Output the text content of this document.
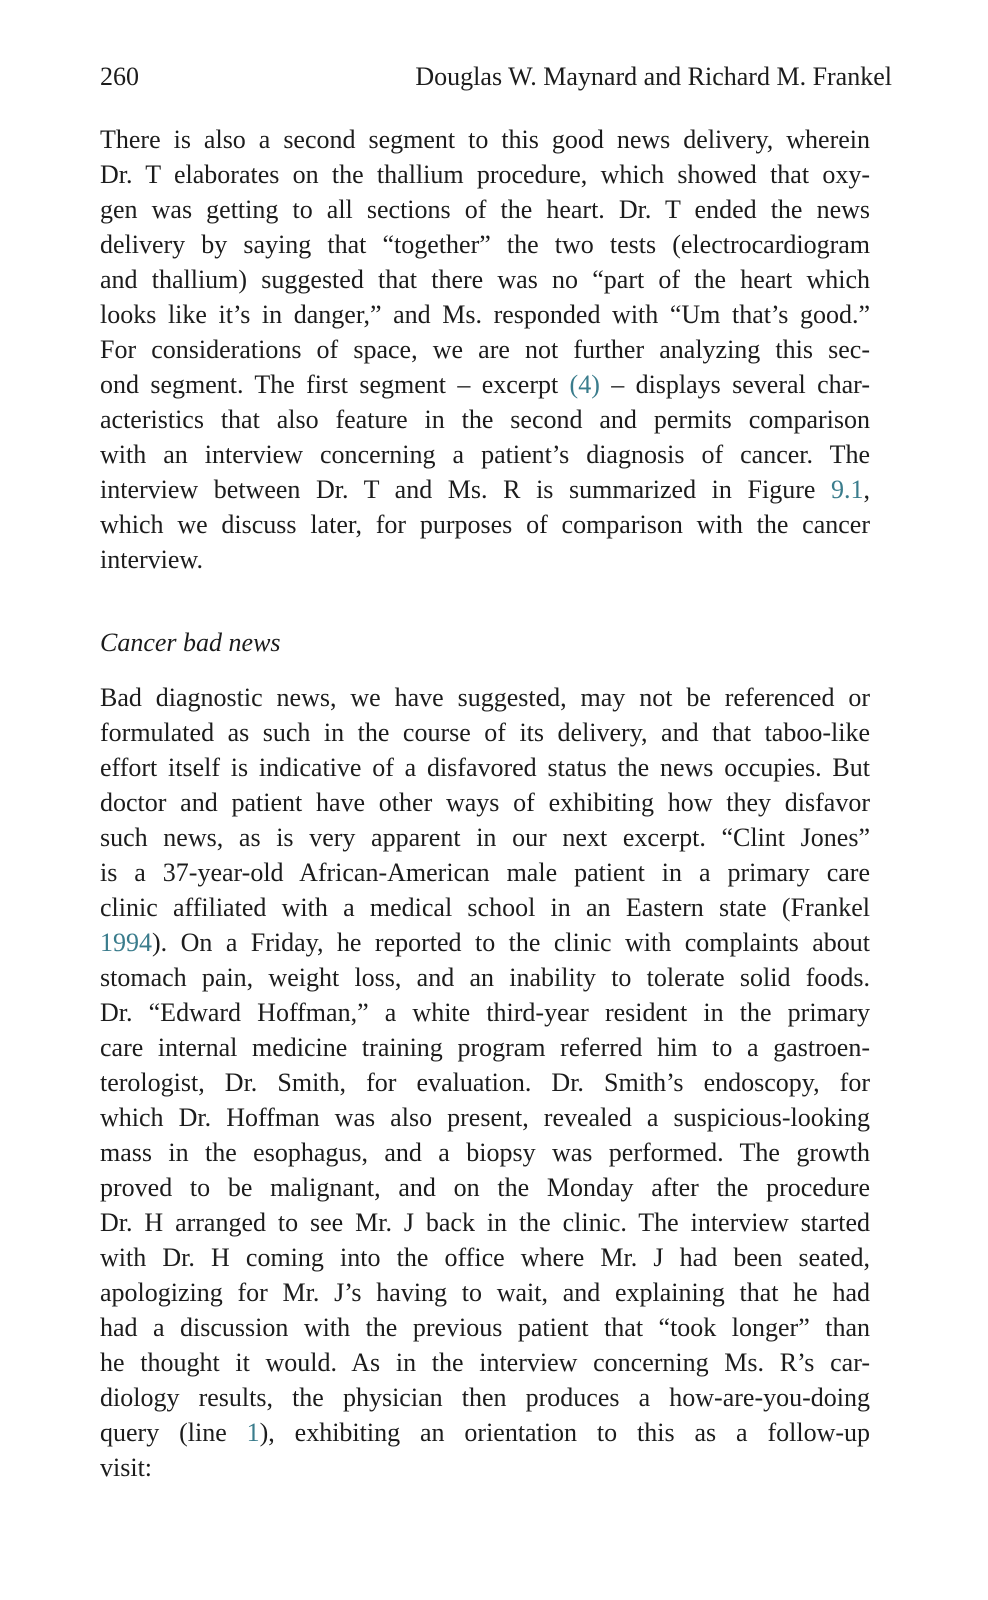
260	Douglas W. Maynard and Richard M. Frankel
There is also a second segment to this good news delivery, wherein
Dr. T elaborates on the thallium procedure, which showed that oxy-
gen was getting to all sections of the heart. Dr. T ended the news
delivery by saying that “together” the two tests (electrocardiogram
and thallium) suggested that there was no “part of the heart which
looks like it’s in danger,” and Ms. responded with “Um that’s good.”
For considerations of space, we are not further analyzing this sec-
ond segment. The first segment – excerpt (4) – displays several char-
acteristics that also feature in the second and permits comparison
with an interview concerning a patient’s diagnosis of cancer. The
interview between Dr. T and Ms. R is summarized in Figure 9.1,
which we discuss later, for purposes of comparison with the cancer
interview.
Cancer bad news
Bad diagnostic news, we have suggested, may not be referenced or
formulated as such in the course of its delivery, and that taboo-like
effort itself is indicative of a disfavored status the news occupies. But
doctor and patient have other ways of exhibiting how they disfavor
such news, as is very apparent in our next excerpt. “Clint Jones”
is a 37-year-old African-American male patient in a primary care
clinic affiliated with a medical school in an Eastern state (Frankel
1994). On a Friday, he reported to the clinic with complaints about
stomach pain, weight loss, and an inability to tolerate solid foods.
Dr. “Edward Hoffman,” a white third-year resident in the primary
care internal medicine training program referred him to a gastroen-
terologist, Dr. Smith, for evaluation. Dr. Smith’s endoscopy, for
which Dr. Hoffman was also present, revealed a suspicious-looking
mass in the esophagus, and a biopsy was performed. The growth
proved to be malignant, and on the Monday after the procedure
Dr. H arranged to see Mr. J back in the clinic. The interview started
with Dr. H coming into the office where Mr. J had been seated,
apologizing for Mr. J’s having to wait, and explaining that he had
had a discussion with the previous patient that “took longer” than
he thought it would. As in the interview concerning Ms. R’s car-
diology results, the physician then produces a how-are-you-doing
query (line 1), exhibiting an orientation to this as a follow-up
visit:
